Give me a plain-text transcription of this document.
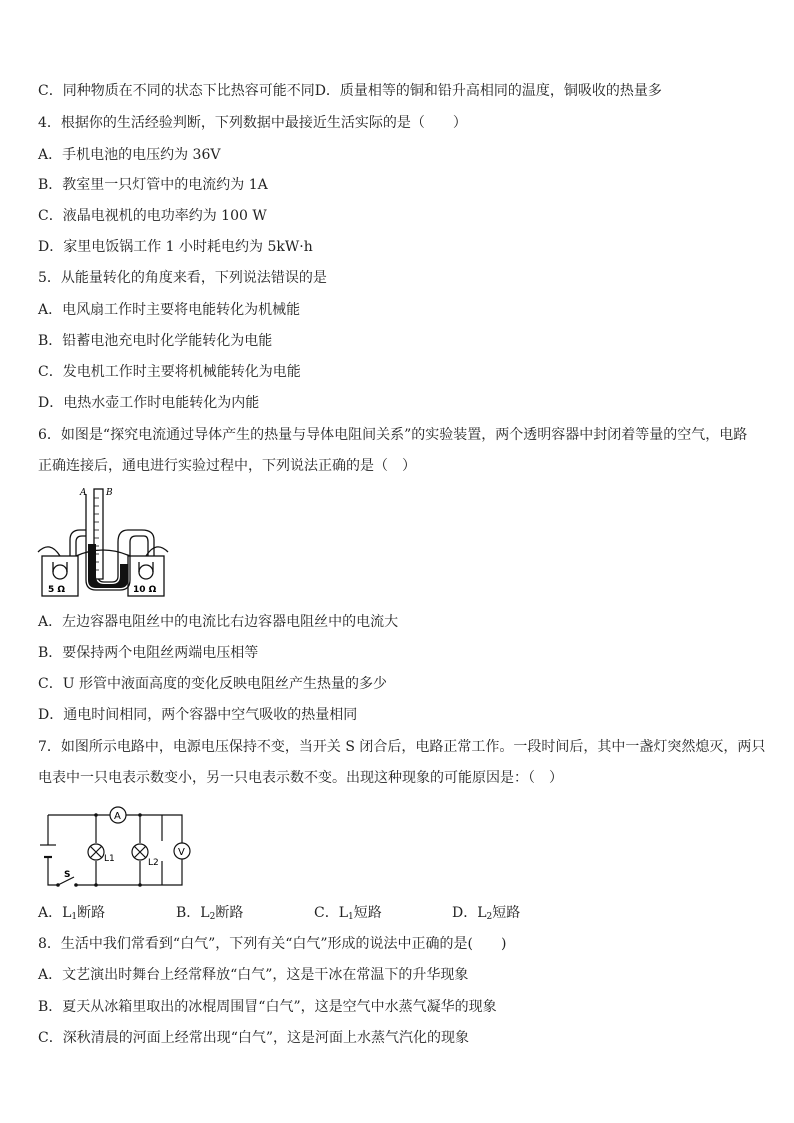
C．同种物质在不同的状态下比热容可能不同D．质量相等的铜和铅升高相同的温度，铜吸收的热量多
4．根据你的生活经验判断，下列数据中最接近生活实际的是（　　）
A．手机电池的电压约为 36V
B．教室里一只灯管中的电流约为 1A
C．液晶电视机的电功率约为 100 W
D．家里电饭锅工作 1 小时耗电约为 5kW·h
5．从能量转化的角度来看，下列说法错误的是
A．电风扇工作时主要将电能转化为机械能
B．铅蓄电池充电时化学能转化为电能
C．发电机工作时主要将机械能转化为电能
D．电热水壶工作时电能转化为内能
6．如图是“探究电流通过导体产生的热量与导体电阻间关系”的实验装置，两个透明容器中封闭着等量的空气，电路
正确连接后，通电进行实验过程中，下列说法正确的是（　）
A B
5 Ω	10 Ω
A．左边容器电阻丝中的电流比右边容器电阻丝中的电流大
B．要保持两个电阻丝两端电压相等
C．U 形管中液面高度的变化反映电阻丝产生热量的多少
D．通电时间相同，两个容器中空气吸收的热量相同
7．如图所示电路中，电源电压保持不变，当开关 S 闭合后，电路正常工作。一段时间后，其中一盏灯突然熄灭，两只
电表中一只电表示数变小，另一只电表示数不变。出现这种现象的可能原因是：（　）
A
V
L1	L2
S
A．$L_1$断路	B．$L_2$断路	C．$L_1$短路	D．$L_2$短路
8．生活中我们常看到“白气”，下列有关“白气”形成的说法中正确的是(　　)
A．文艺演出时舞台上经常释放“白气”，这是干冰在常温下的升华现象
B．夏天从冰箱里取出的冰棍周围冒“白气”，这是空气中水蒸气凝华的现象
C．深秋清晨的河面上经常出现“白气”，这是河面上水蒸气汽化的现象
